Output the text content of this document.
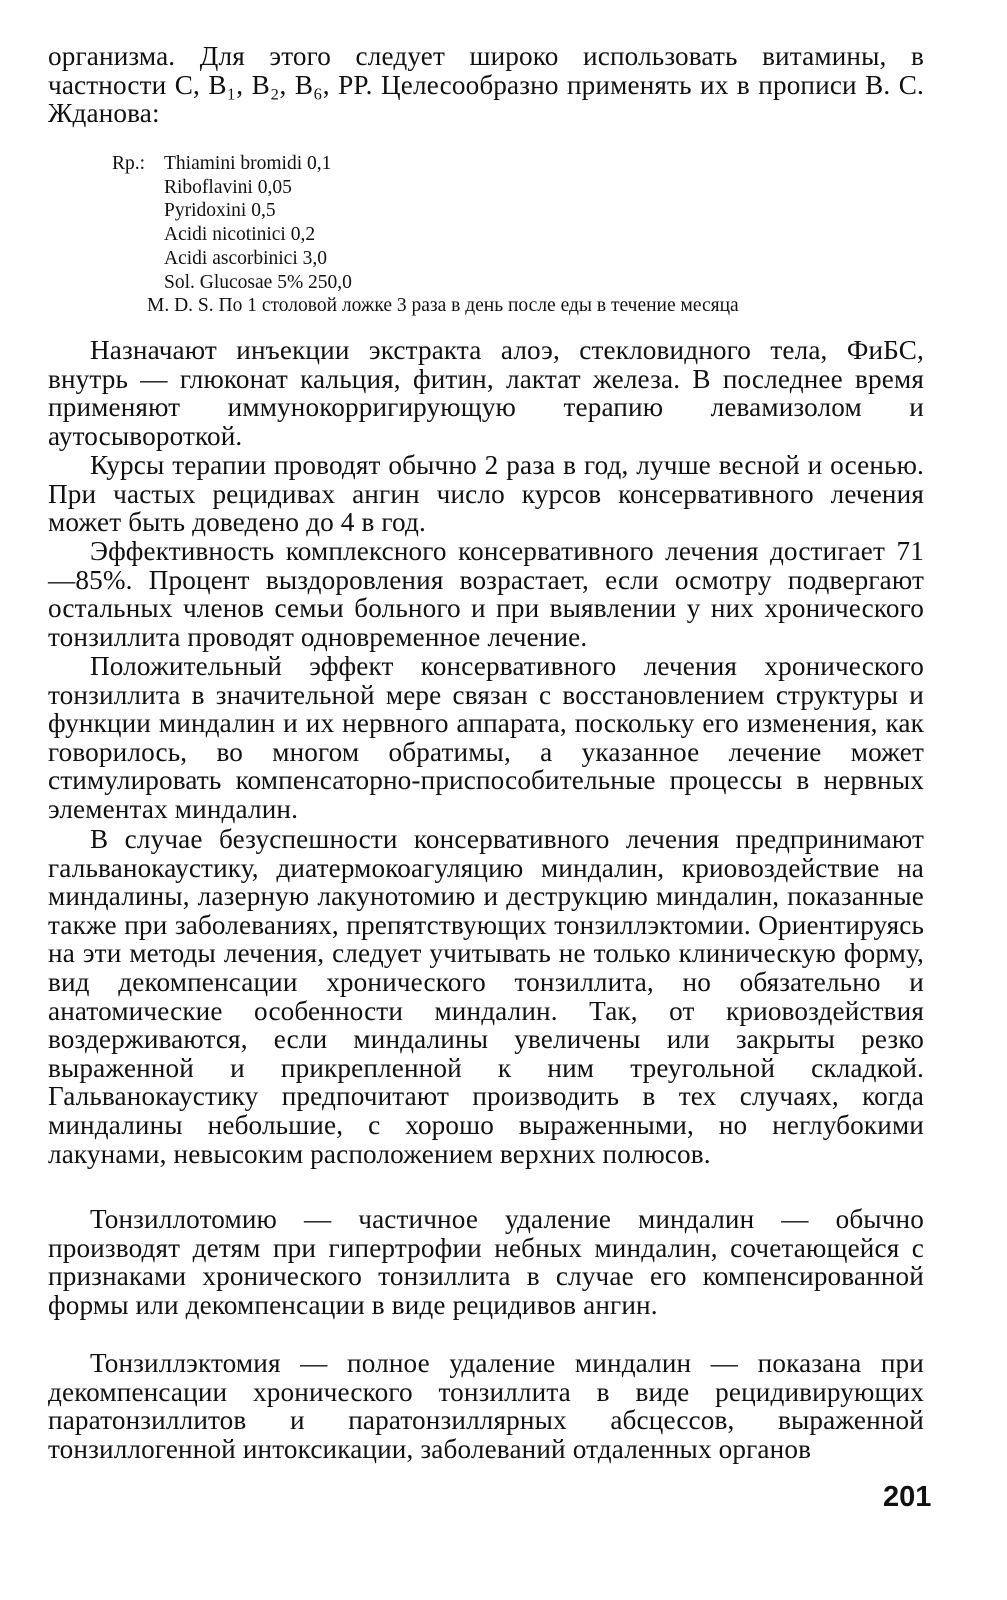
организма. Для этого следует широко использовать витамины, в частности С, B₁, B₂, B₆, PP. Целесообразно применять их в прописи В. С. Жданова:

Rp.: Thiamini bromidi 0,1
Riboflavini 0,05
Pyridoxini 0,5
Acidi nicotinici 0,2
Acidi ascorbinici 3,0
Sol. Glucosae 5% 250,0
M. D. S. По 1 столовой ложке 3 раза в день после еды в течение месяца

Назначают инъекции экстракта алоэ, стекловидного тела, ФиБС, внутрь — глюконат кальция, фитин, лактат железа. В последнее время применяют иммунокорригирующую терапию левамизолом и аутосывороткой.

Курсы терапии проводят обычно 2 раза в год, лучше весной и осенью. При частых рецидивах ангин число курсов консервативного лечения может быть доведено до 4 в год.

Эффективность комплексного консервативного лечения достигает 71—85%. Процент выздоровления возрастает, если осмотру подвергают остальных членов семьи больного и при выявлении у них хронического тонзиллита проводят одновременное лечение.

Положительный эффект консервативного лечения хронического тонзиллита в значительной мере связан с восстановлением структуры и функции миндалин и их нервного аппарата, поскольку его изменения, как говорилось, во многом обратимы, а указанное лечение может стимулировать компенсаторно-приспособительные процессы в нервных элементах миндалин.

В случае безуспешности консервативного лечения предпринимают гальванокаустику, диатермокоагуляцию миндалин, криовоздействие на миндалины, лазерную лакунотомию и деструкцию миндалин, показанные также при заболеваниях, препятствующих тонзиллэктомии. Ориентируясь на эти методы лечения, следует учитывать не только клиническую форму, вид декомпенсации хронического тонзиллита, но обязательно и анатомические особенности миндалин. Так, от криовоздействия воздерживаются, если миндалины увеличены или закрыты резко выраженной и прикрепленной к ним треугольной складкой. Гальванокаустику предпочитают производить в тех случаях, когда миндалины небольшие, с хорошо выраженными, но неглубокими лакунами, невысоким расположением верхних полюсов.

Тонзиллотомию — частичное удаление миндалин — обычно производят детям при гипертрофии небных миндалин, сочетающейся с признаками хронического тонзиллита в случае его компенсированной формы или декомпенсации в виде рецидивов ангин.

Тонзиллэктомия — полное удаление миндалин — показана при декомпенсации хронического тонзиллита в виде рецидивирующих паратонзиллитов и паратонзиллярных абсцессов, выраженной тонзиллогенной интоксикации, заболеваний отдаленных органов

201
